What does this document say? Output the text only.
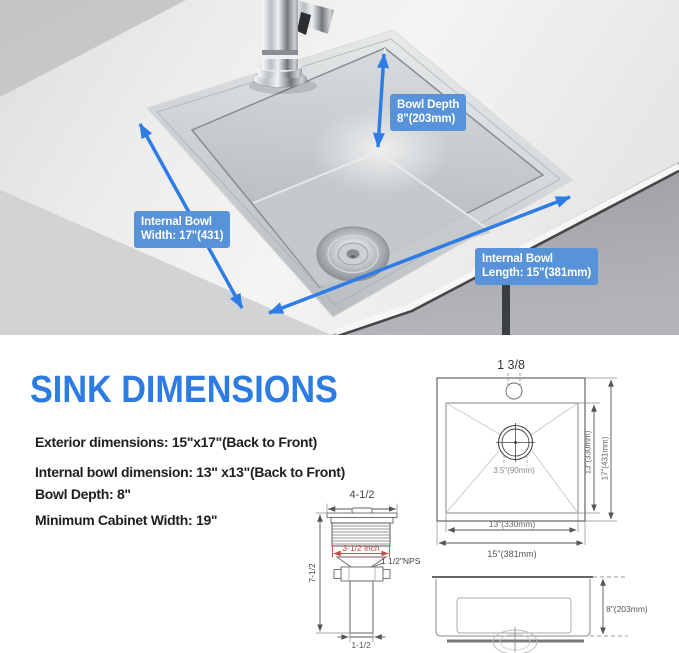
Bowl Depth
8"(203mm)
Internal Bowl
Width: 17"(431)
Internal Bowl
Length: 15"(381mm)
SINK DIMENSIONS
Exterior dimensions: 15"x17"(Back to Front)
Internal bowl dimension: 13" x13"(Back to Front)
Bowl Depth: 8"
Minimum Cabinet Width: 19"
4-1/2
3-1/2 inch
1 1/2"NPS
7-1/2
1-1/2
1 3/8
3.5"(90mm)	13"(330mm) 17"(431mm)
13"(330mm)
15"(381mm)
8"(203mm)
